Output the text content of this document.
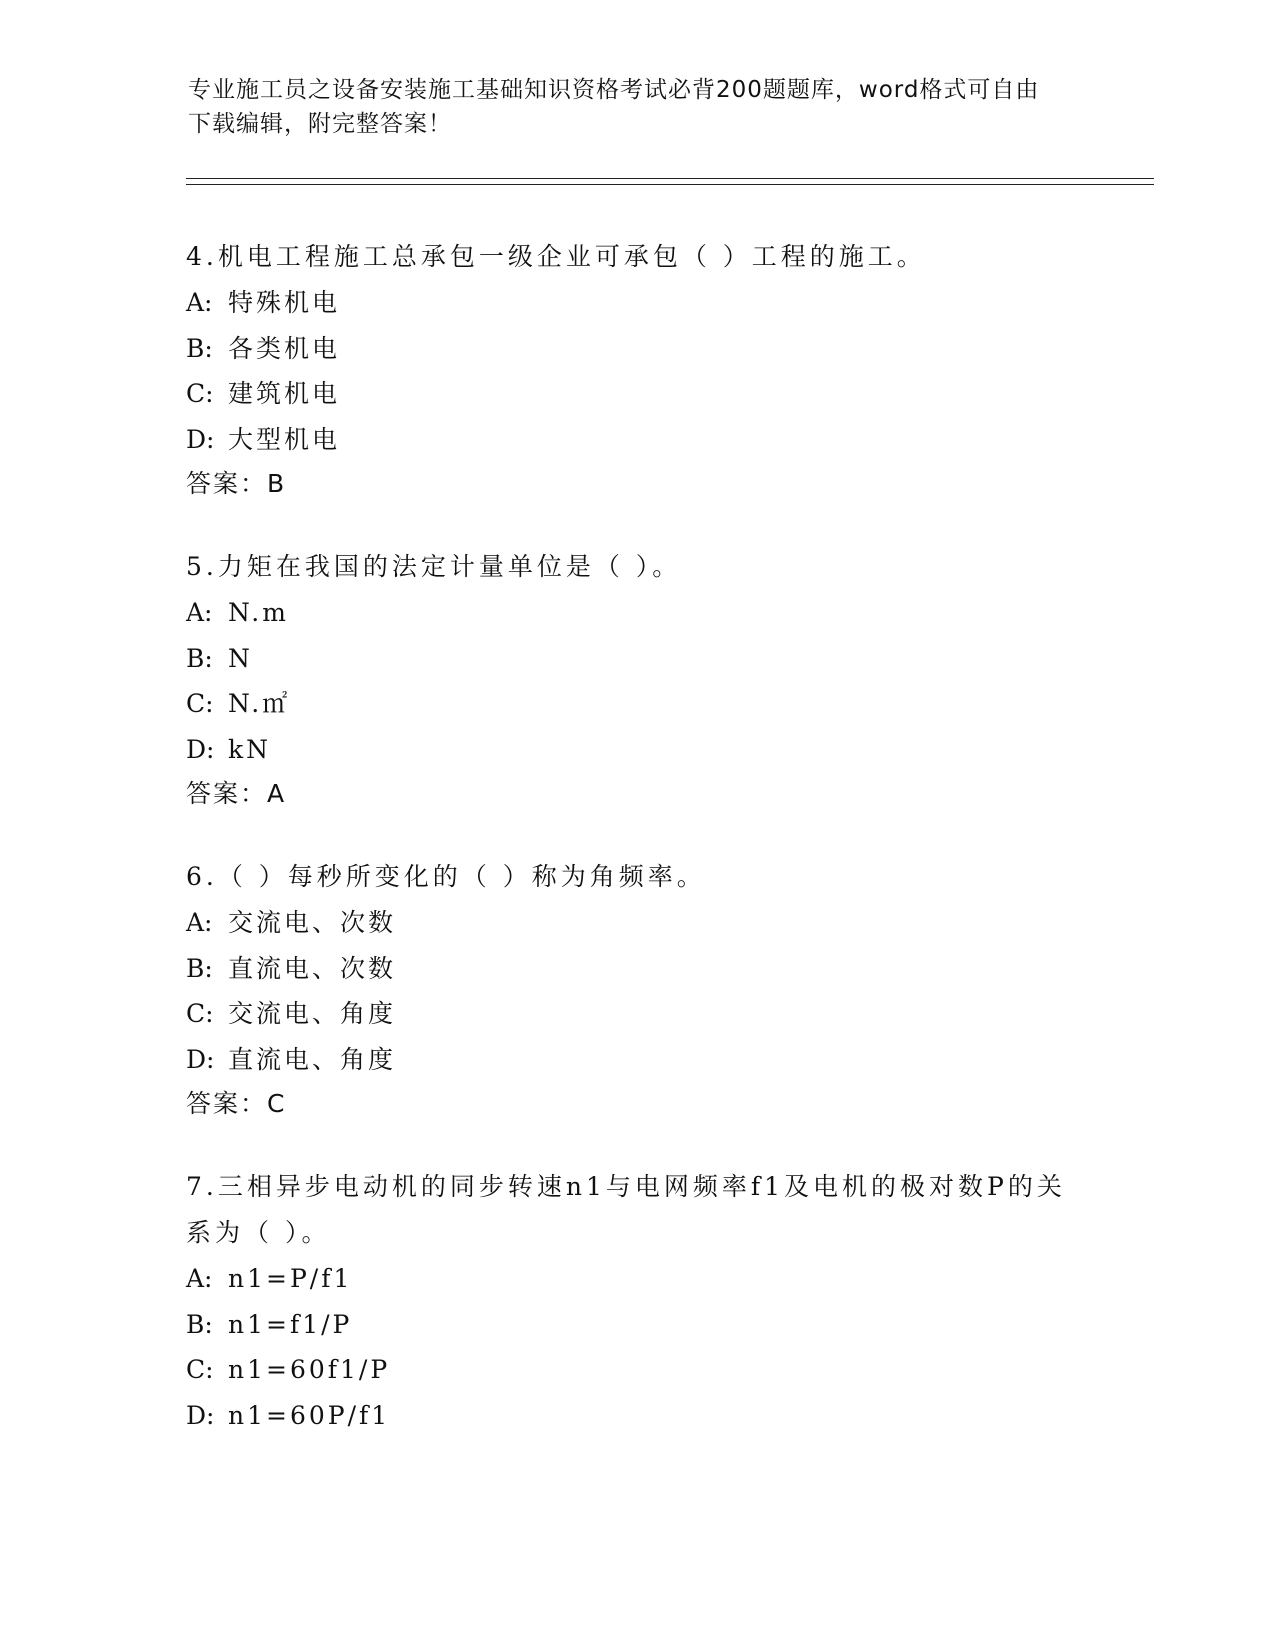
专业施工员之设备安装施工基础知识资格考试必背200题题库，word格式可自由
下载编辑，附完整答案！
4.机电工程施工总承包一级企业可承包（ ）工程的施工。
A: 特殊机电
B: 各类机电
C: 建筑机电
D: 大型机电
答案：B
5.力矩在我国的法定计量单位是（ ）。
A: N.m
B: N
C: N.㎡
D: kN
答案：A
6.（ ）每秒所变化的（ ）称为角频率。
A: 交流电、次数
B: 直流电、次数
C: 交流电、角度
D: 直流电、角度
答案：C
7.三相异步电动机的同步转速n1与电网频率f1及电机的极对数P的关系为（ ）。
A: n1=P/f1
B: n1=f1/P
C: n1=60f1/P
D: n1=60P/f1
